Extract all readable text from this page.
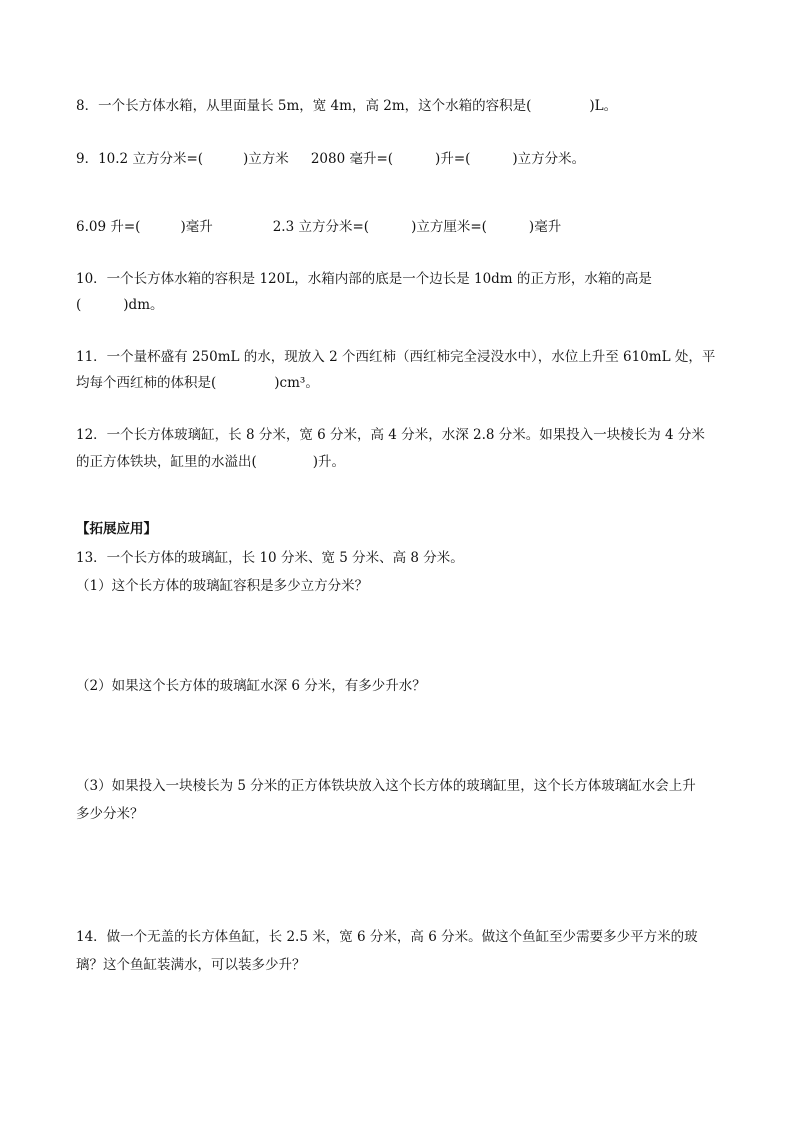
8．一个长方体水箱，从里面量长 5m，宽 4m，高 2m，这个水箱的容积是(	)L。
9．10.2 立方分米=(	)立方米 2080 毫升=(	)升=(	)立方分米。
6.09 升=(	)毫升	2.3 立方分米=(	)立方厘米=(	)毫升
10．一个长方体水箱的容积是 120L，水箱内部的底是一个边长是 10dm 的正方形，水箱的高是
(	)dm。
11．一个量杯盛有 250mL 的水，现放入 2 个西红柿（西红柿完全浸没水中），水位上升至 610mL 处，平
均每个西红柿的体积是(	)cm³。
12．一个长方体玻璃缸，长 8 分米，宽 6 分米，高 4 分米，水深 2.8 分米。如果投入一块棱长为 4 分米
的正方体铁块，缸里的水溢出(	)升。
【拓展应用】
13．一个长方体的玻璃缸，长 10 分米、宽 5 分米、高 8 分米。
（1）这个长方体的玻璃缸容积是多少立方分米？
（2）如果这个长方体的玻璃缸水深 6 分米，有多少升水？
（3）如果投入一块棱长为 5 分米的正方体铁块放入这个长方体的玻璃缸里，这个长方体玻璃缸水会上升
多少分米？
14．做一个无盖的长方体鱼缸，长 2.5 米，宽 6 分米，高 6 分米。做这个鱼缸至少需要多少平方米的玻
璃？这个鱼缸装满水，可以装多少升？
